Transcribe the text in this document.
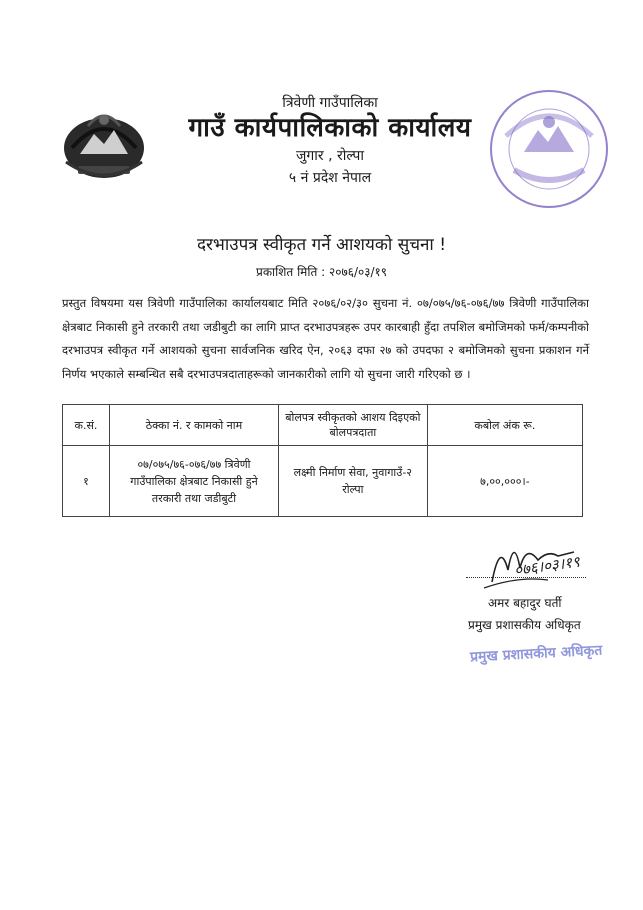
त्रिवेणी गाउँपालिका
गाउँ कार्यपालिकाको कार्यालय
जुगार , रोल्पा
५ नं प्रदेश नेपाल
दरभाउपत्र स्वीकृत गर्ने आशयको सुचना !
प्रकाशित मिति : २०७६/०३/१९
प्रस्तुत विषयमा यस त्रिवेणी गाउँपालिका कार्यालयबाट मिति २०७६/०२/३० सुचना नं. ०७/०७५/७६-०७६/७७ त्रिवेणी गाउँपालिका क्षेत्रबाट निकासी हुने तरकारी तथा जडीबुटी का लागि प्राप्त दरभाउपत्रहरू उपर कारबाही हुँदा तपशिल बमोजिमको फर्म/कम्पनीको दरभाउपत्र स्वीकृत गर्ने आशयको सुचना सार्वजनिक खरिद ऐन, २०६३ दफा २७ को उपदफा २ बमोजिमको सुचना प्रकाशन गर्ने निर्णय भएकाले सम्बन्धित सबै दरभाउपत्रदाताहरूको जानकारीको लागि यो सुचना जारी गरिएको छ ।
क.सं.	ठेक्का नं. र कामको नाम	बोलपत्र स्वीकृतको आशय दिइएको बोलपत्रदाता	कबोल अंक रू.
१	०७/०७५/७६-०७६/७७ त्रिवेणी गाउँपालिका क्षेत्रबाट निकासी हुने तरकारी तथा जडीबुटी	लक्ष्मी निर्माण सेवा, नुवागाउँ-२ रोल्पा	७,००,०००।-
०७६।०३।१९
अमर बहादुर घर्ती
प्रमुख प्रशासकीय अधिकृत
प्रमुख प्रशासकीय अधिकृत
